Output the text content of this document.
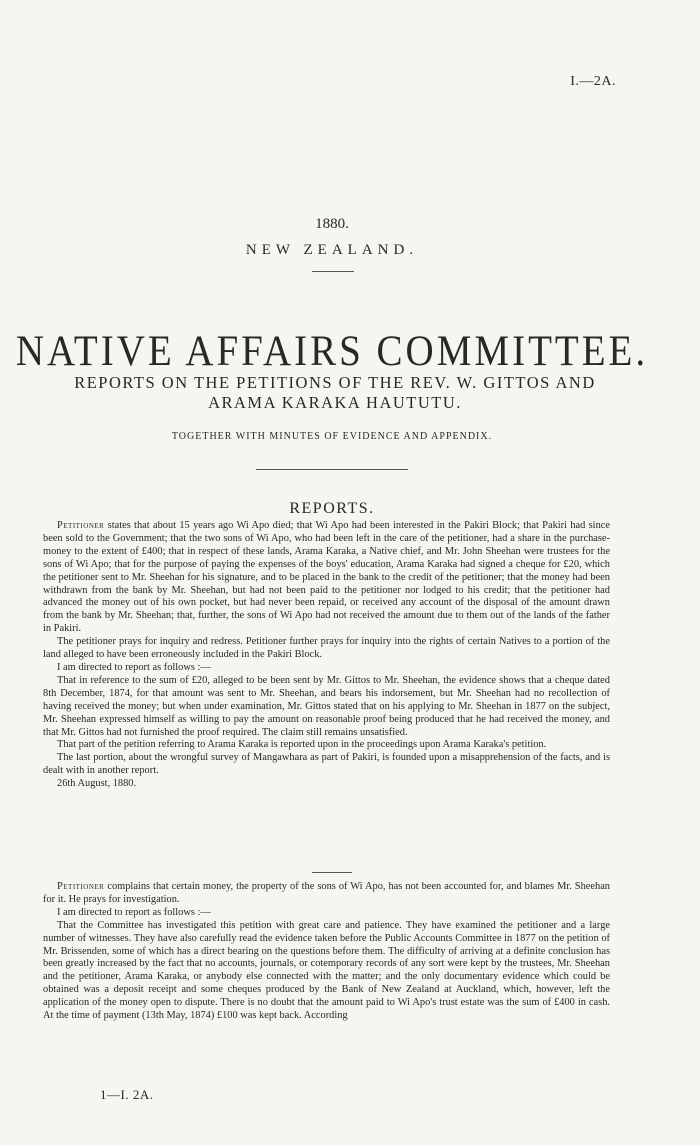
I.—2A.
1880.
NEW ZEALAND.
NATIVE AFFAIRS COMMITTEE.
REPORTS ON THE PETITIONS OF THE REV. W. GITTOS AND ARAMA KARAKA HAUTUTU.
TOGETHER WITH MINUTES OF EVIDENCE AND APPENDIX.
REPORTS.

Petitioner states that about 15 years ago Wi Apo died; that Wi Apo had been interested in the Pakiri Block; that Pakiri had since been sold to the Government; that the two sons of Wi Apo, who had been left in the care of the petitioner, had a share in the purchase-money to the extent of £400; that in respect of these lands, Arama Karaka, a Native chief, and Mr. John Sheehan were trustees for the sons of Wi Apo; that for the purpose of paying the expenses of the boys' education, Arama Karaka had signed a cheque for £20, which the petitioner sent to Mr. Sheehan for his signature, and to be placed in the bank to the credit of the petitioner; that the money had been withdrawn from the bank by Mr. Sheehan, but had not been paid to the petitioner nor lodged to his credit; that the petitioner had advanced the money out of his own pocket, but had never been repaid, or received any account of the disposal of the amount drawn from the bank by Mr. Sheehan; that, further, the sons of Wi Apo had not received the amount due to them out of the lands of the father in Pakiri.

The petitioner prays for inquiry and redress. Petitioner further prays for inquiry into the rights of certain Natives to a portion of the land alleged to have been erroneously included in the Pakiri Block.

I am directed to report as follows :—

That in reference to the sum of £20, alleged to be been sent by Mr. Gittos to Mr. Sheehan, the evidence shows that a cheque dated 8th December, 1874, for that amount was sent to Mr. Sheehan, and bears his indorsement, but Mr. Sheehan had no recollection of having received the money; but when under examination, Mr. Gittos stated that on his applying to Mr. Sheehan in 1877 on the subject, Mr. Sheehan expressed himself as willing to pay the amount on reasonable proof being produced that he had received the money, and that Mr. Gittos had not furnished the proof required. The claim still remains unsatisfied.

That part of the petition referring to Arama Karaka is reported upon in the proceedings upon Arama Karaka's petition.

The last portion, about the wrongful survey of Mangawhara as part of Pakiri, is founded upon a misapprehension of the facts, and is dealt with in another report.

26th August, 1880.

Petitioner complains that certain money, the property of the sons of Wi Apo, has not been accounted for, and blames Mr. Sheehan for it. He prays for investigation.

I am directed to report as follows :—

That the Committee has investigated this petition with great care and patience. They have examined the petitioner and a large number of witnesses. They have also carefully read the evidence taken before the Public Accounts Committee in 1877 on the petition of Mr. Brissenden, some of which has a direct bearing on the questions before them. The difficulty of arriving at a definite conclusion has been greatly increased by the fact that no accounts, journals, or cotemporary records of any sort were kept by the trustees, Mr. Sheehan and the petitioner, Arama Karaka, or anybody else connected with the matter; and the only documentary evidence which could be obtained was a deposit receipt and some cheques produced by the Bank of New Zealand at Auckland, which, however, left the application of the money open to dispute. There is no doubt that the amount paid to Wi Apo's trust estate was the sum of £400 in cash. At the time of payment (13th May, 1874) £100 was kept back. According

1—I. 2A.
